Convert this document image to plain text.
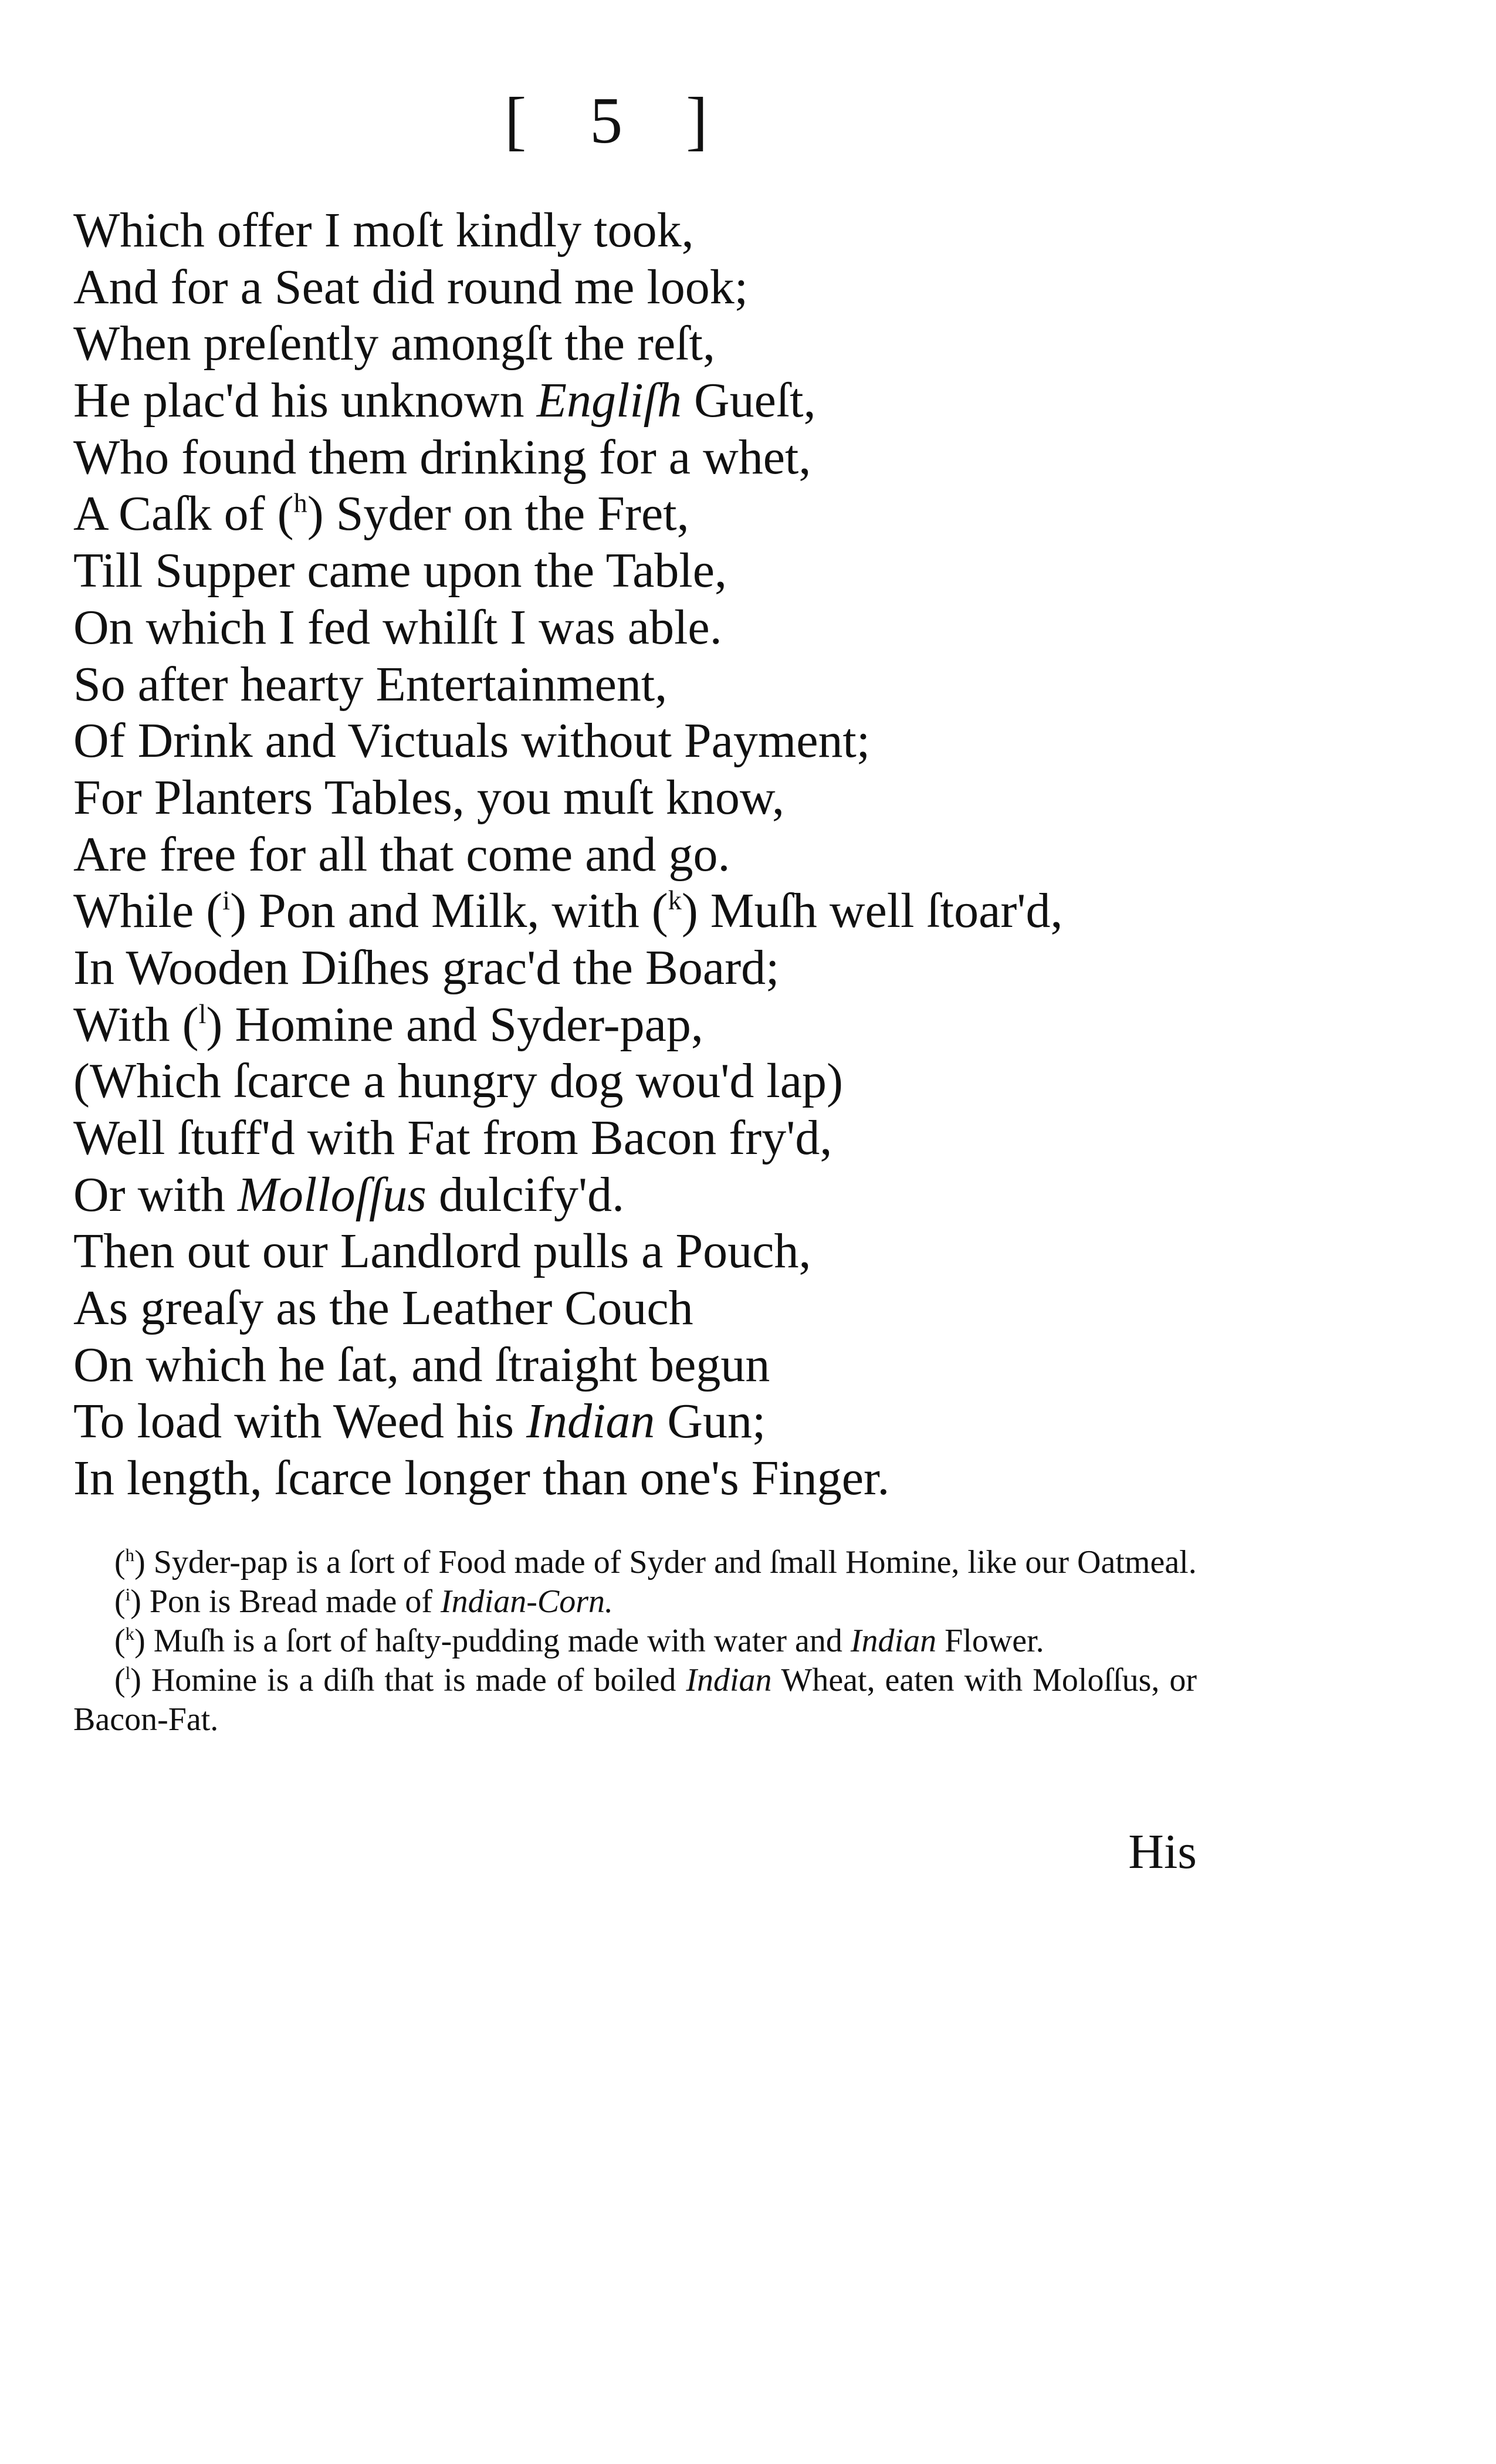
[ 5 ]
Which offer I moſt kindly took,
And for a Seat did round me look;
When preſently amongſt the reſt,
He plac'd his unknown Engliſh Gueſt,
Who found them drinking for a whet,
A Caſk of ($^h$) Syder on the Fret,
Till Supper came upon the Table,
On which I fed whilſt I was able.
So after hearty Entertainment,
Of Drink and Victuals without Payment;
For Planters Tables, you muſt know,
Are free for all that come and go.
While ($^i$) Pon and Milk, with ($^k$) Muſh well ſtoar'd,
In Wooden Diſhes grac'd the Board;
With ($^l$) Homine and Syder-pap,
(Which ſcarce a hungry dog wou'd lap)
Well ſtuff'd with Fat from Bacon fry'd,
Or with Molloſſus dulcify'd.
Then out our Landlord pulls a Pouch,
As greaſy as the Leather Couch
On which he ſat, and ſtraight begun
To load with Weed his Indian Gun;
In length, ſcarce longer than one's Finger.

($^h$) Syder-pap is a ſort of Food made of Syder and ſmall Homine, like our Oatmeal.

($^i$) Pon is Bread made of Indian-Corn.

($^k$) Muſh is a ſort of haſty-pudding made with water and Indian Flower.

($^l$) Homine is a diſh that is made of boiled Indian Wheat, eaten with Moloſſus, or Bacon-Fat.

His
